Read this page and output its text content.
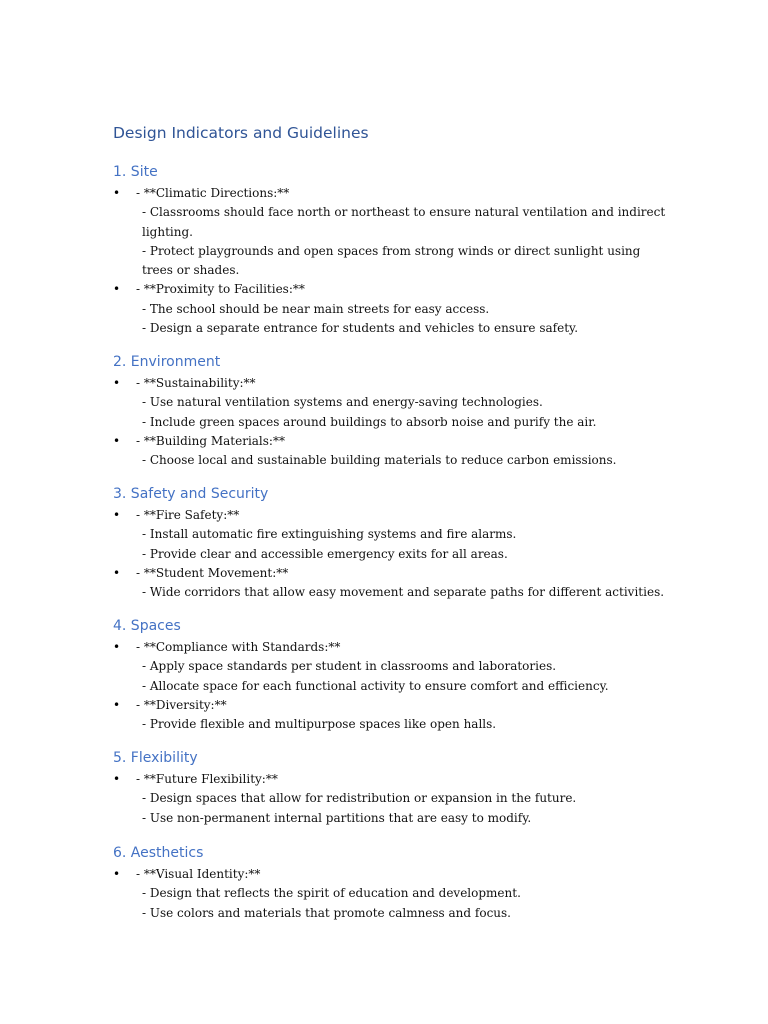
Design Indicators and Guidelines
1. Site
• - **Climatic Directions:**
- Classrooms should face north or northeast to ensure natural ventilation and indirect lighting.
- Protect playgrounds and open spaces from strong winds or direct sunlight using trees or shades.
• - **Proximity to Facilities:**
- The school should be near main streets for easy access.
- Design a separate entrance for students and vehicles to ensure safety.
2. Environment
• - **Sustainability:**
- Use natural ventilation systems and energy-saving technologies.
- Include green spaces around buildings to absorb noise and purify the air.
• - **Building Materials:**
- Choose local and sustainable building materials to reduce carbon emissions.
3. Safety and Security
• - **Fire Safety:**
- Install automatic fire extinguishing systems and fire alarms.
- Provide clear and accessible emergency exits for all areas.
• - **Student Movement:**
- Wide corridors that allow easy movement and separate paths for different activities.
4. Spaces
• - **Compliance with Standards:**
- Apply space standards per student in classrooms and laboratories.
- Allocate space for each functional activity to ensure comfort and efficiency.
• - **Diversity:**
- Provide flexible and multipurpose spaces like open halls.
5. Flexibility
• - **Future Flexibility:**
- Design spaces that allow for redistribution or expansion in the future.
- Use non-permanent internal partitions that are easy to modify.
6. Aesthetics
• - **Visual Identity:**
- Design that reflects the spirit of education and development.
- Use colors and materials that promote calmness and focus.
